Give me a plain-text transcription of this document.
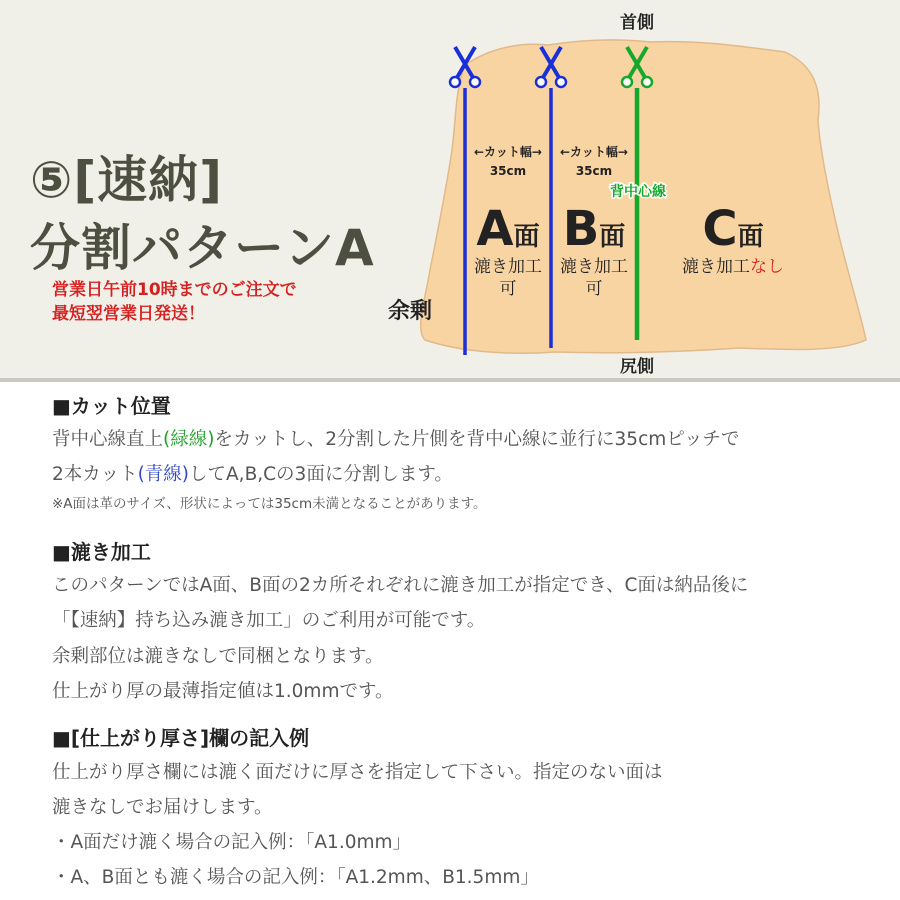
首側
尻側
余剰
←カット幅→
35cm
←カット幅→
35cm
背中心線
A面
漉き加工
可
B面
漉き加工
可
C面
漉き加工なし
⑤[速納]
分割パターンA
営業日午前10時までのご注文で
最短翌営業日発送！
■カット位置
背中心線直上(緑線)をカットし、2分割した片側を背中心線に並行に35cmピッチで
2本カット(青線)してA,B,Cの3面に分割します。
※A面は革のサイズ、形状によっては35cm未満となることがあります。
■漉き加工
このパターンではA面、B面の2カ所それぞれに漉き加工が指定でき、C面は納品後に
「【速納】持ち込み漉き加工」のご利用が可能です。
余剰部位は漉きなしで同梱となります。
仕上がり厚の最薄指定値は1.0mmです。
■[仕上がり厚さ]欄の記入例
仕上がり厚さ欄には漉く面だけに厚さを指定して下さい。指定のない面は
漉きなしでお届けします。
・A面だけ漉く場合の記入例：「A1.0mm」
・A、B面とも漉く場合の記入例：「A1.2mm、B1.5mm」
